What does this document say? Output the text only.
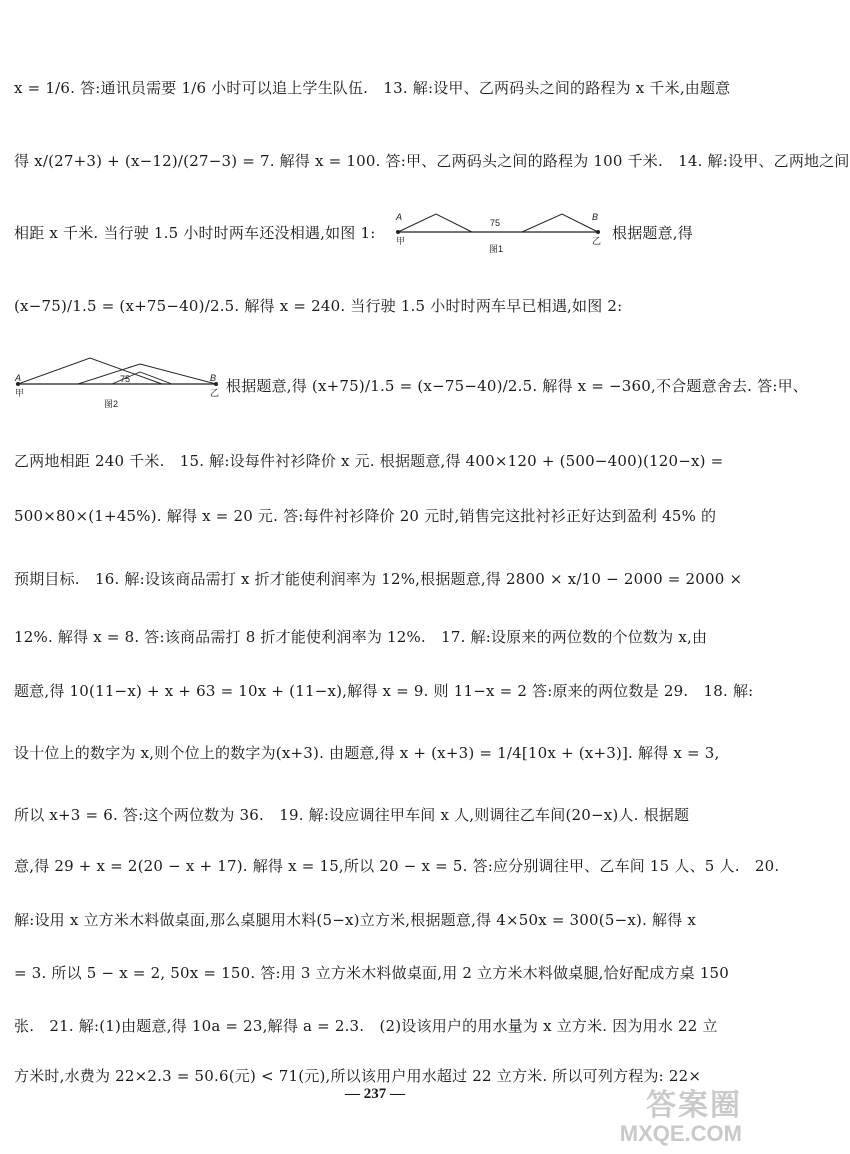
x = 1/6. 答:通讯员需要 1/6 小时可以追上学生队伍.　13. 解:设甲、乙两码头之间的路程为 x 千米,由题意
得 x/(27+3) + (x−12)/(27−3) = 7. 解得 x = 100. 答:甲、乙两码头之间的路程为 100 千米.　14. 解:设甲、乙两地之间
相距 x 千米. 当行驶 1.5 小时时两车还没相遇,如图 1:
A	B
甲	乙
75
图1
根据题意,得
(x−75)/1.5 = (x+75−40)/2.5. 解得 x = 240. 当行驶 1.5 小时时两车早已相遇,如图 2:
A	B
甲	乙
75
图2
根据题意,得 (x+75)/1.5 = (x−75−40)/2.5. 解得 x = −360,不合题意舍去. 答:甲、
乙两地相距 240 千米.　15. 解:设每件衬衫降价 x 元. 根据题意,得 400×120 + (500−400)(120−x) =
500×80×(1+45%). 解得 x = 20 元. 答:每件衬衫降价 20 元时,销售完这批衬衫正好达到盈利 45% 的
预期目标.　16. 解:设该商品需打 x 折才能使利润率为 12%,根据题意,得 2800 × x/10 − 2000 = 2000 ×
12%. 解得 x = 8. 答:该商品需打 8 折才能使利润率为 12%.　17. 解:设原来的两位数的个位数为 x,由
题意,得 10(11−x) + x + 63 = 10x + (11−x),解得 x = 9. 则 11−x = 2 答:原来的两位数是 29.　18. 解:
设十位上的数字为 x,则个位上的数字为(x+3). 由题意,得 x + (x+3) = 1/4[10x + (x+3)]. 解得 x = 3,
所以 x+3 = 6. 答:这个两位数为 36.　19. 解:设应调往甲车间 x 人,则调往乙车间(20−x)人. 根据题
意,得 29 + x = 2(20 − x + 17). 解得 x = 15,所以 20 − x = 5. 答:应分别调往甲、乙车间 15 人、5 人.　20.
解:设用 x 立方米木料做桌面,那么桌腿用木料(5−x)立方米,根据题意,得 4×50x = 300(5−x). 解得 x
= 3. 所以 5 − x = 2, 50x = 150. 答:用 3 立方米木料做桌面,用 2 立方米木料做桌腿,恰好配成方桌 150
张.　21. 解:(1)由题意,得 10a = 23,解得 a = 2.3.　(2)设该用户的用水量为 x 立方米. 因为用水 22 立
方米时,水费为 22×2.3 = 50.6(元) < 71(元),所以该用户用水超过 22 立方米. 所以可列方程为: 22×
— 237 —	答案圈
MXQE.COM
